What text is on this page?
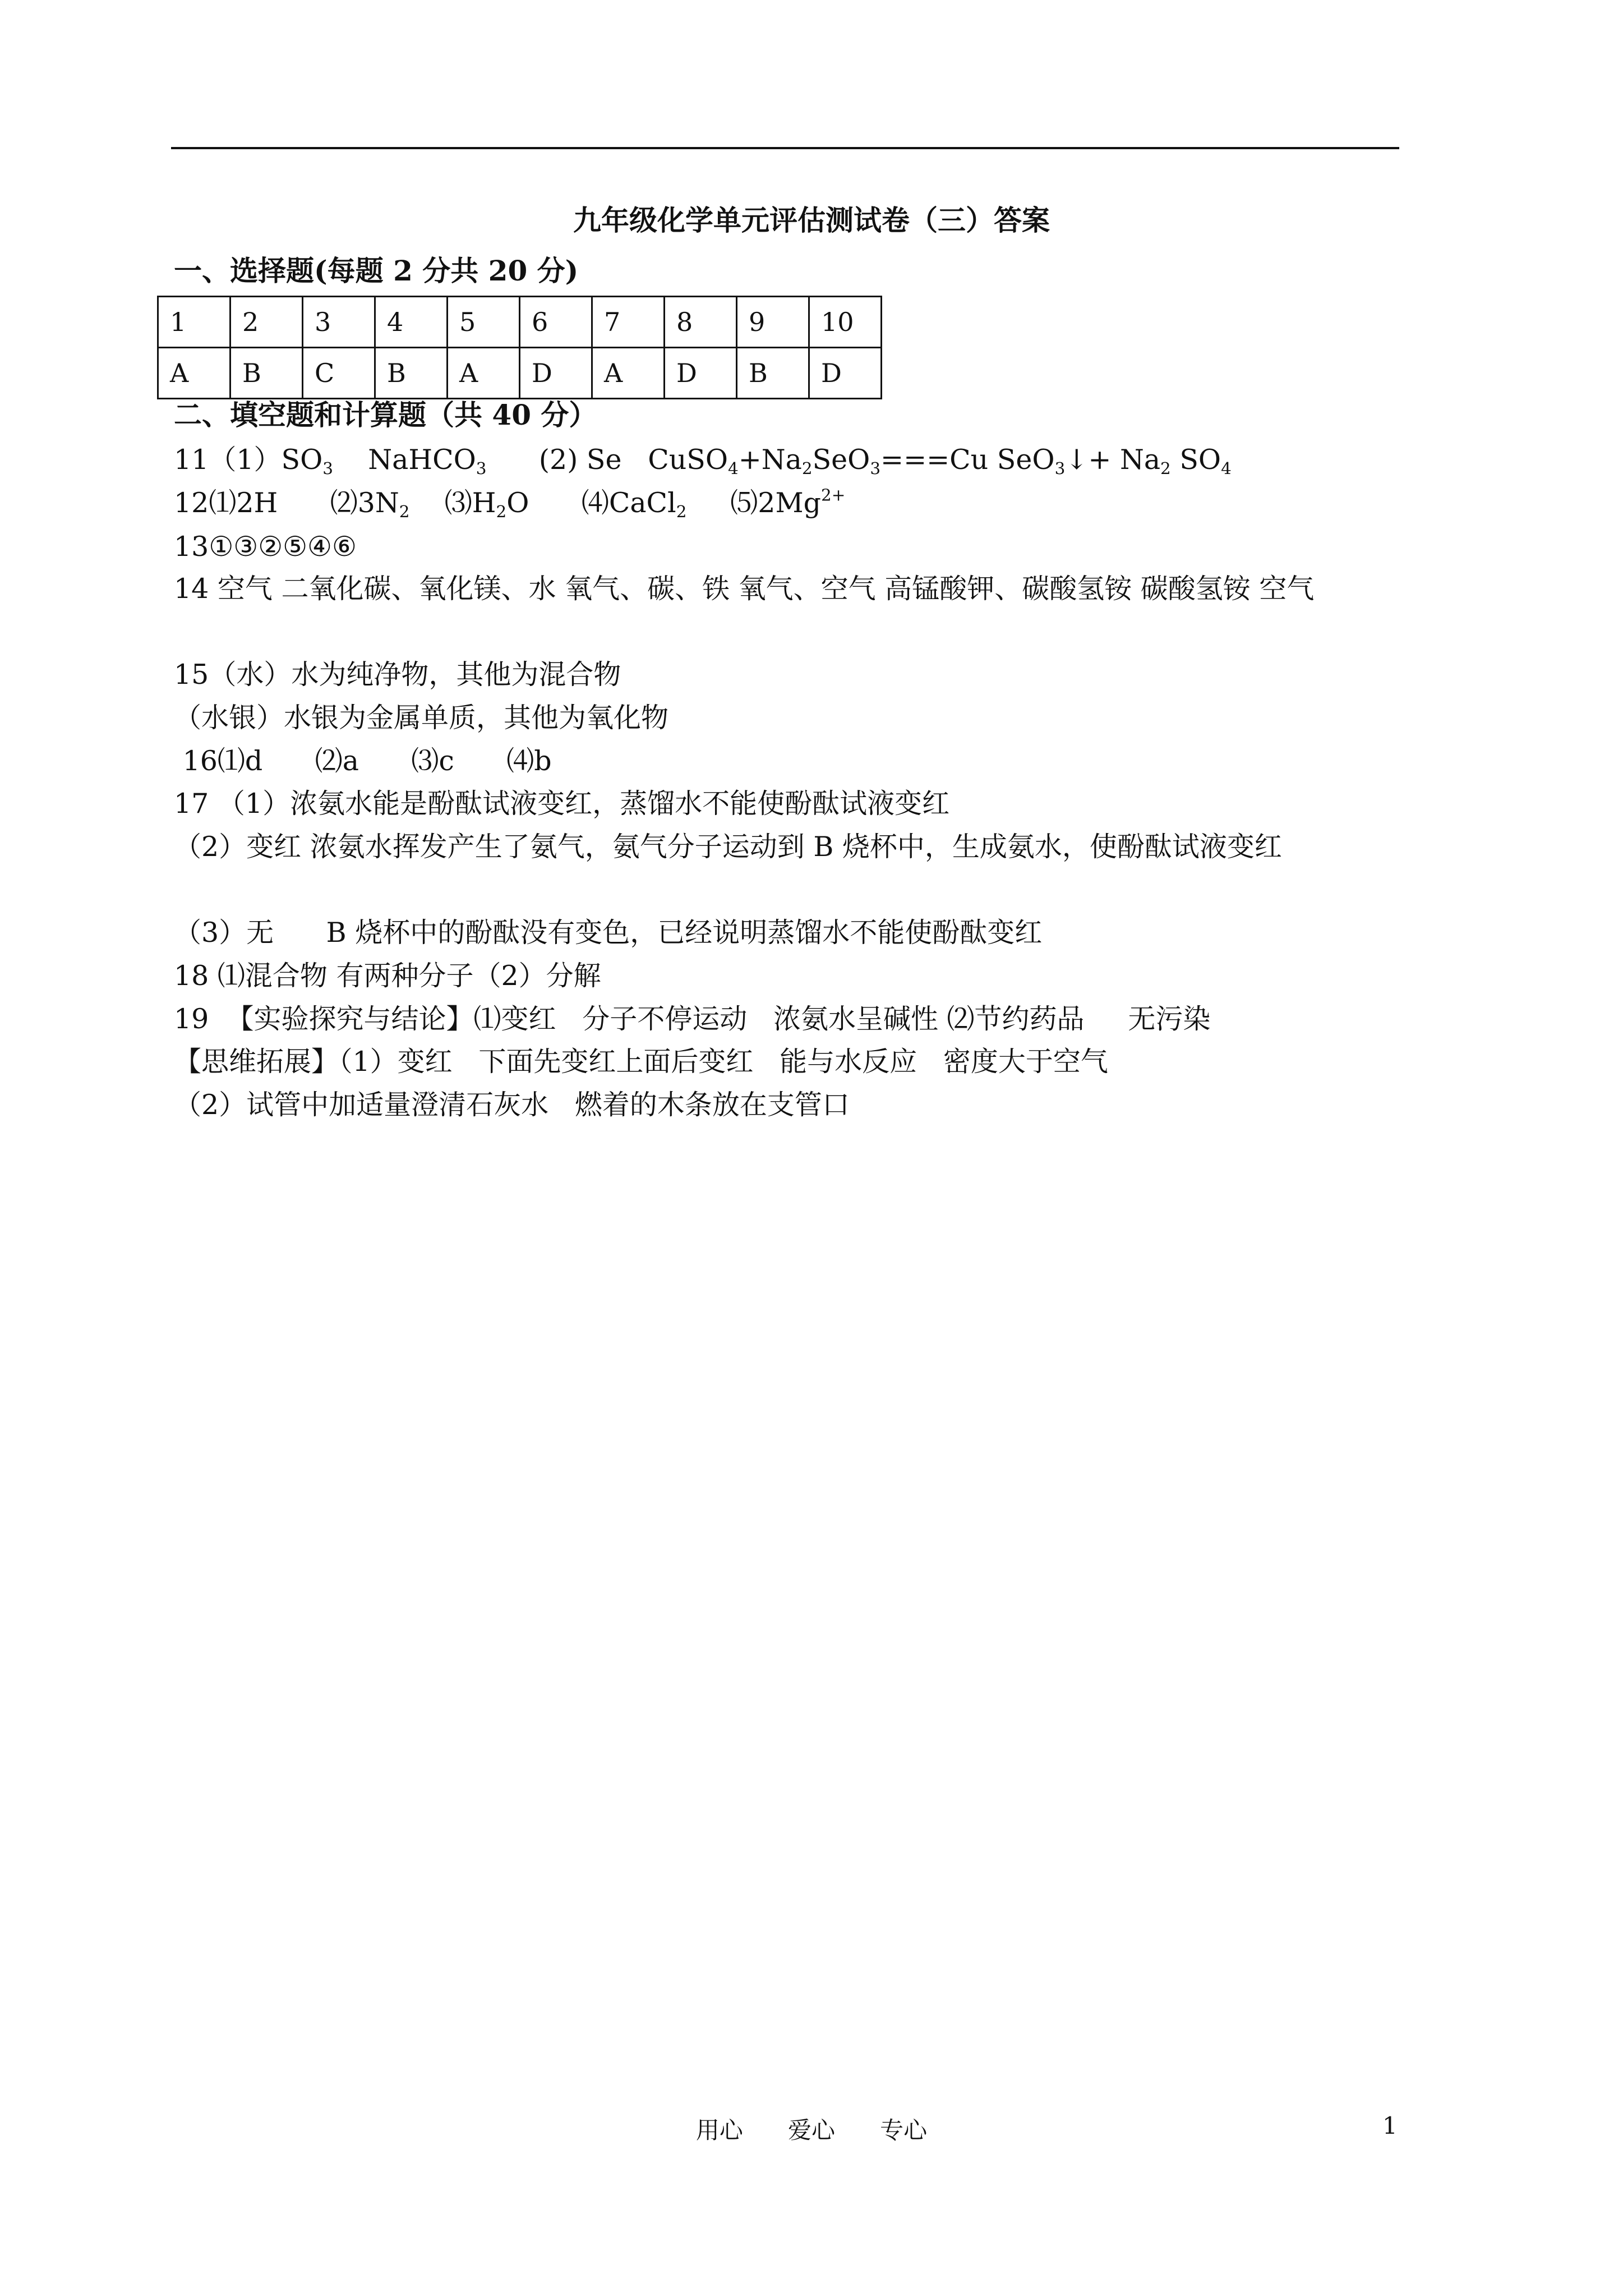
九年级化学单元评估测试卷（三）答案
一、选择题(每题 2 分共 20 分)
1	2	3	4	5	6	7	8	9	10
A	B	C	B	A	D	A	D	B	D
二、填空题和计算题（共 40 分）
$11(1)SO_3$    NaHCO$_3$      (2) Se   $CuSO_4+Na_2SeO_3===Cu$ SeO$_3$↓+ $Na_2$ $SO_4$
12⑴2H      $⑵3N_2$    $⑶H_2O$      ⑷CaCl$_2$     $⑸2Mg^{2+}$
13①③②⑤④⑥
14 空气 二氧化碳、氧化镁、水 氧气、碳、铁 氧气、空气 高锰酸钾、碳酸氢铵 碳酸氢铵 空气
15（水）水为纯净物，其他为混合物
（水银）水银为金属单质，其他为氧化物
16⑴d      ⑵a      ⑶c      ⑷b
17 （1）浓氨水能是酚酞试液变红，蒸馏水不能使酚酞试液变红
（2）变红 浓氨水挥发产生了氨气，氨气分子运动到 B 烧杯中，生成氨水，使酚酞试液变红
（3）无      B 烧杯中的酚酞没有变色，已经说明蒸馏水不能使酚酞变红
18 ⑴混合物 有两种分子（2）分解
19  【实验探究与结论】⑴变红   分子不停运动   浓氨水呈碱性 ⑵节约药品     无污染
【思维拓展】（1）变红   下面先变红上面后变红   能与水反应   密度大于空气
（2）试管中加适量澄清石灰水   燃着的木条放在支管口
用心      爱心      专心	1
